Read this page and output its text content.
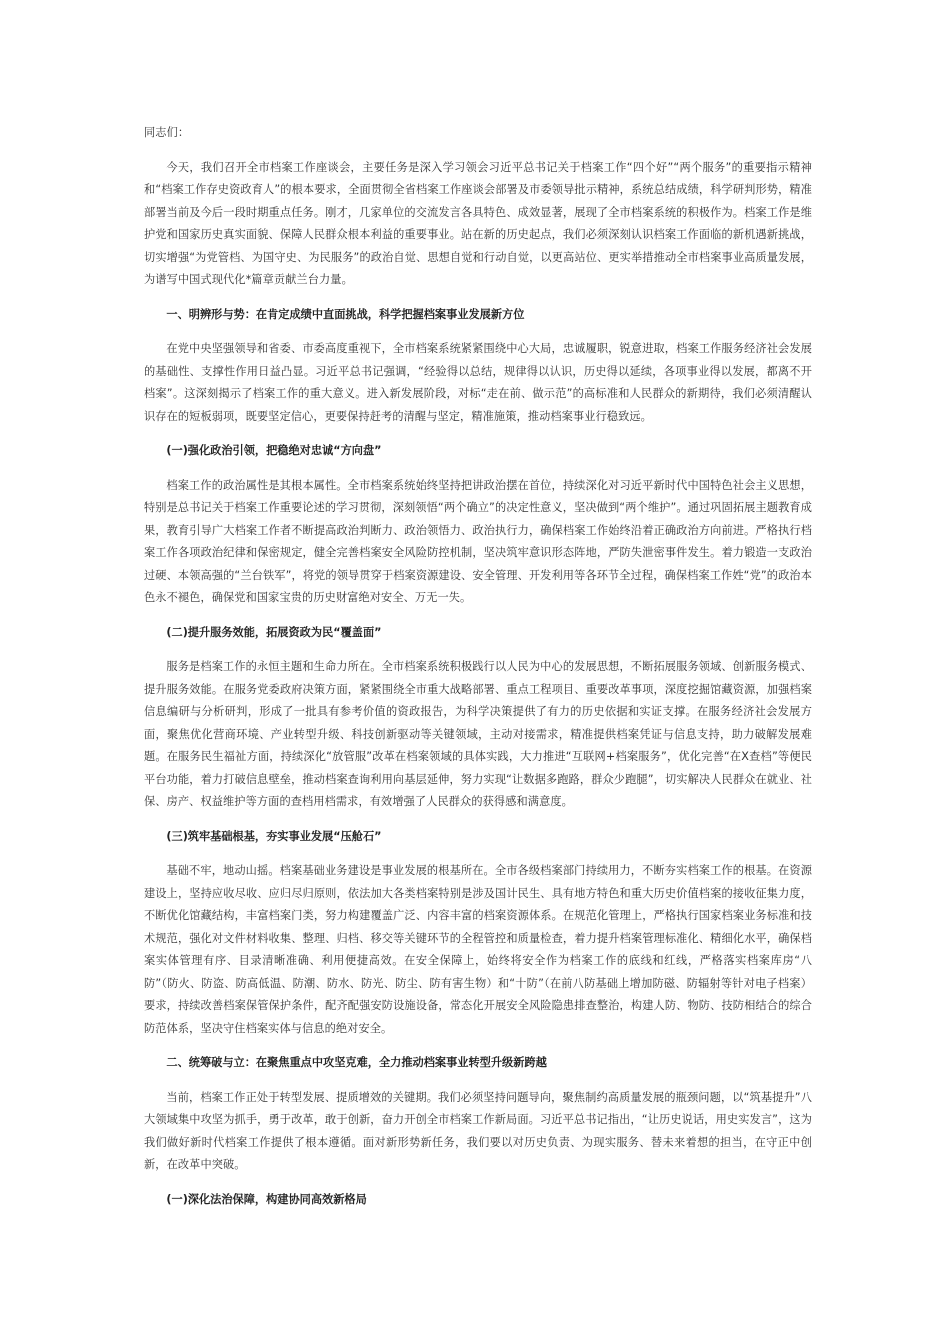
同志们：

今天，我们召开全市档案工作座谈会，主要任务是深入学习领会习近平总书记关于档案工作“四个好”“两个服务”的重要指示精神和“档案工作存史资政育人”的根本要求，全面贯彻全省档案工作座谈会部署及市委领导批示精神，系统总结成绩，科学研判形势，精准部署当前及今后一段时期重点任务。刚才，几家单位的交流发言各具特色、成效显著，展现了全市档案系统的积极作为。档案工作是维护党和国家历史真实面貌、保障人民群众根本利益的重要事业。站在新的历史起点，我们必须深刻认识档案工作面临的新机遇新挑战，切实增强“为党管档、为国守史、为民服务”的政治自觉、思想自觉和行动自觉，以更高站位、更实举措推动全市档案事业高质量发展，为谱写中国式现代化*篇章贡献兰台力量。

一、明辨形与势：在肯定成绩中直面挑战，科学把握档案事业发展新方位

在党中央坚强领导和省委、市委高度重视下，全市档案系统紧紧围绕中心大局，忠诚履职，锐意进取，档案工作服务经济社会发展的基础性、支撑性作用日益凸显。习近平总书记强调，“经验得以总结，规律得以认识，历史得以延续，各项事业得以发展，都离不开档案”。这深刻揭示了档案工作的重大意义。进入新发展阶段，对标“走在前、做示范”的高标准和人民群众的新期待，我们必须清醒认识存在的短板弱项，既要坚定信心，更要保持赶考的清醒与坚定，精准施策，推动档案事业行稳致远。

(一)强化政治引领，把稳绝对忠诚“方向盘”

档案工作的政治属性是其根本属性。全市档案系统始终坚持把讲政治摆在首位，持续深化对习近平新时代中国特色社会主义思想，特别是总书记关于档案工作重要论述的学习贯彻，深刻领悟“两个确立”的决定性意义，坚决做到“两个维护”。通过巩固拓展主题教育成果，教育引导广大档案工作者不断提高政治判断力、政治领悟力、政治执行力，确保档案工作始终沿着正确政治方向前进。严格执行档案工作各项政治纪律和保密规定，健全完善档案安全风险防控机制，坚决筑牢意识形态阵地，严防失泄密事件发生。着力锻造一支政治过硬、本领高强的“兰台铁军”，将党的领导贯穿于档案资源建设、安全管理、开发利用等各环节全过程，确保档案工作姓“党”的政治本色永不褪色，确保党和国家宝贵的历史财富绝对安全、万无一失。

(二)提升服务效能，拓展资政为民“覆盖面”

服务是档案工作的永恒主题和生命力所在。全市档案系统积极践行以人民为中心的发展思想，不断拓展服务领域、创新服务模式、提升服务效能。在服务党委政府决策方面，紧紧围绕全市重大战略部署、重点工程项目、重要改革事项，深度挖掘馆藏资源，加强档案信息编研与分析研判，形成了一批具有参考价值的资政报告，为科学决策提供了有力的历史依据和实证支撑。在服务经济社会发展方面，聚焦优化营商环境、产业转型升级、科技创新驱动等关键领域，主动对接需求，精准提供档案凭证与信息支持，助力破解发展难题。在服务民生福祉方面，持续深化“放管服”改革在档案领域的具体实践，大力推进“互联网+档案服务”，优化完善“在X查档”等便民平台功能，着力打破信息壁垒，推动档案查询利用向基层延伸，努力实现“让数据多跑路，群众少跑腿”，切实解决人民群众在就业、社保、房产、权益维护等方面的查档用档需求，有效增强了人民群众的获得感和满意度。

(三)筑牢基础根基，夯实事业发展“压舱石”

基础不牢，地动山摇。档案基础业务建设是事业发展的根基所在。全市各级档案部门持续用力，不断夯实档案工作的根基。在资源建设上，坚持应收尽收、应归尽归原则，依法加大各类档案特别是涉及国计民生、具有地方特色和重大历史价值档案的接收征集力度，不断优化馆藏结构，丰富档案门类，努力构建覆盖广泛、内容丰富的档案资源体系。在规范化管理上，严格执行国家档案业务标准和技术规范，强化对文件材料收集、整理、归档、移交等关键环节的全程管控和质量检查，着力提升档案管理标准化、精细化水平，确保档案实体管理有序、目录清晰准确、利用便捷高效。在安全保障上，始终将安全作为档案工作的底线和红线，严格落实档案库房“八防”（防火、防盗、防高低温、防潮、防水、防光、防尘、防有害生物）和“十防”（在前八防基础上增加防磁、防辐射等针对电子档案）要求，持续改善档案保管保护条件，配齐配强安防设施设备，常态化开展安全风险隐患排查整治，构建人防、物防、技防相结合的综合防范体系，坚决守住档案实体与信息的绝对安全。

二、统筹破与立：在聚焦重点中攻坚克难，全力推动档案事业转型升级新跨越

当前，档案工作正处于转型发展、提质增效的关键期。我们必须坚持问题导向，聚焦制约高质量发展的瓶颈问题，以“筑基提升”八大领域集中攻坚为抓手，勇于改革，敢于创新，奋力开创全市档案工作新局面。习近平总书记指出，“让历史说话，用史实发言”，这为我们做好新时代档案工作提供了根本遵循。面对新形势新任务，我们要以对历史负责、为现实服务、替未来着想的担当，在守正中创新，在改革中突破。

(一)深化法治保障，构建协同高效新格局
